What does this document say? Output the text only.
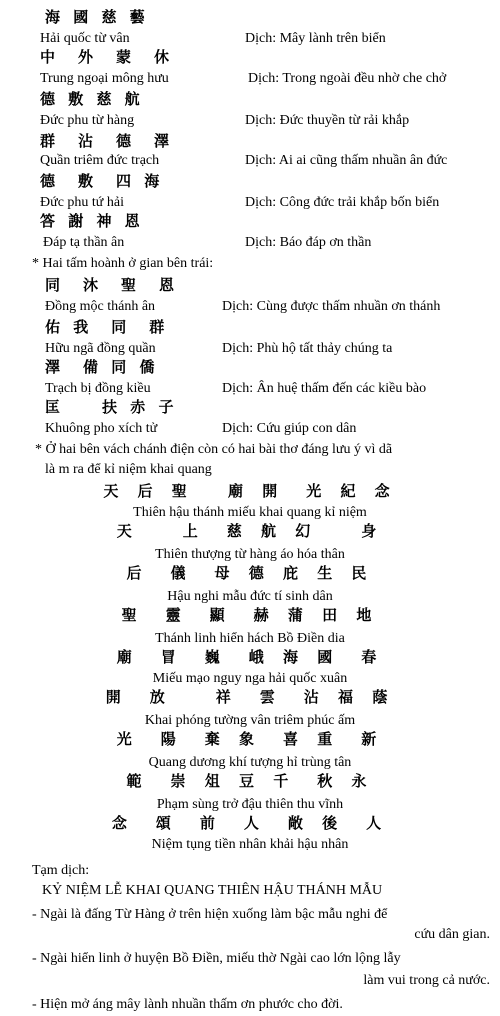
海 國 慈 藝
Hải quốc từ vân	Dịch: Mây lành trên biển
中　外　蒙　休
Trung ngoại mông hưu	Dịch: Trong ngoài đều nhờ che chở
德 敷 慈 航
Đức phu từ hàng	Dịch: Đức thuyền từ rải khắp
群　沾　德　澤
Quần triêm đức trạch	Dịch: Ai ai cũng thấm nhuần ân đức
德　敷　四 海
Đức phu tứ hải	Dịch: Công đức trải khắp bốn biển
答 謝 神 恩
Đáp tạ thần ân	Dịch: Báo đáp ơn thần
* Hai tấm hoành ở gian bên trái:
同　沐　聖　恩
Đồng mộc thánh ân	Dịch: Cùng được thấm nhuần ơn thánh
佑 我　同　群
Hữu ngã đồng quần	Dịch: Phù hộ tất thảy chúng ta
澤　備 同 僑
Trạch bị đồng kiều	Dịch: Ân huệ thấm đến các kiều bào
匡　　扶 赤 子
Khuông pho xích tử	Dịch: Cứu giúp con dân
* Ở hai bên vách chánh điện còn có hai bài thơ đáng lưu ý vì dã
là m ra để kỉ niệm khai quang
天 后 聖 　廟 開　光 紀 念
Thiên hậu thánh miếu khai quang kỉ niệm
天　　上　慈 航 幻　　身
Thiên thượng từ hàng áo hóa thân
后　儀　母 德 庇 生 民
Hậu nghi mẫu đức tí sinh dân
聖　靈　顯　赫 蒲 田 地
Thánh linh hiển hách Bồ Điền dia
廟　冒　巍　峨 海 國　春
Miếu mạo nguy nga hải quốc xuân
開　放　　祥　雲　沾 福 蔭
Khai phóng tường vân triêm phúc ấm
光　陽　棄 象　喜 重　新
Quang dương khí tượng hỉ trùng tân
範　崇 俎 豆 千　秋 永
Phạm sùng trở đậu thiên thu vĩnh
念　頌　前　人　敞 後　人
Niệm tụng tiền nhân khải hậu nhân
Tạm dịch:
KỶ NIỆM LỄ KHAI QUANG THIÊN HẬU THÁNH MẪU
- Ngài là đấng Từ Hàng ở trên hiện xuống làm bậc mẫu nghi để
cứu dân gian.
- Ngài hiển linh ở huyện Bồ Điền, miếu thờ Ngài cao lớn lộng lẫy
làm vui trong cả nước.
- Hiện mở áng mây lành nhuần thấm ơn phước cho đời.
